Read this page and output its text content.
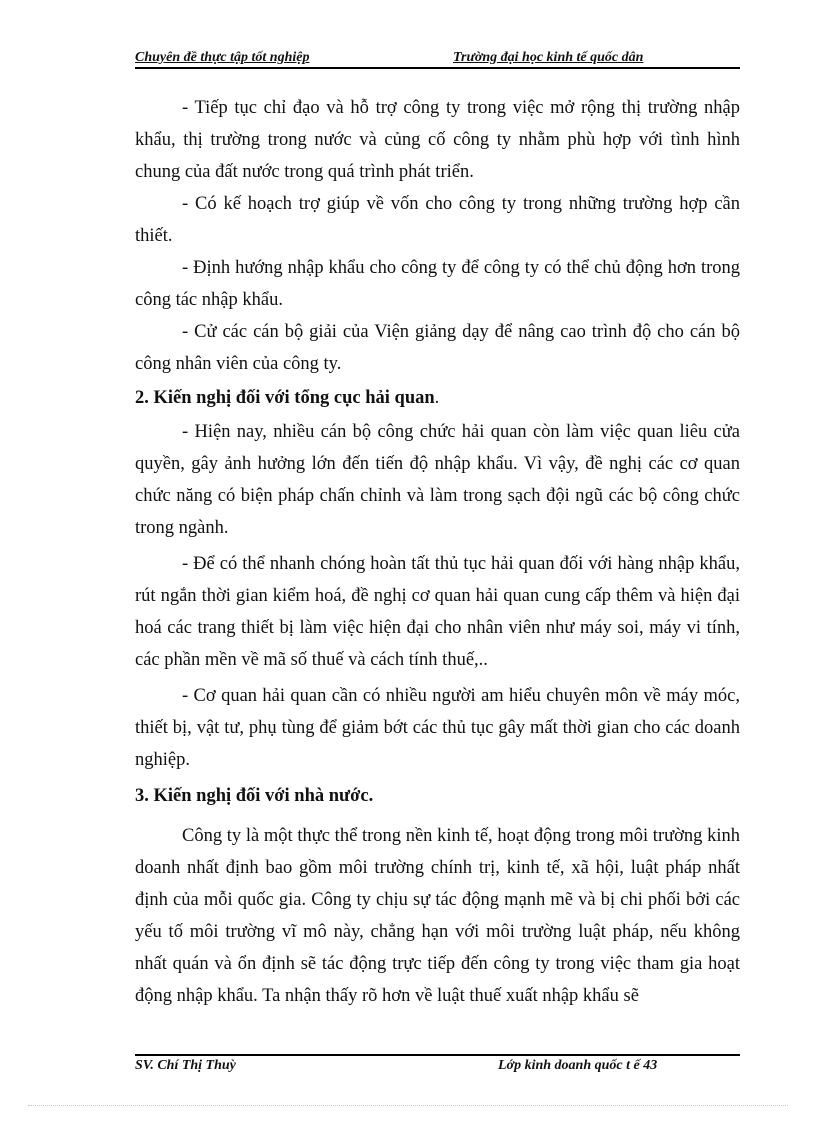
Chuyên đề thực tập tốt nghiệp	Trường đại học kinh tế quốc dân

- Tiếp tục chỉ đạo và hỗ trợ công ty trong việc mở rộng thị trường nhập khẩu, thị trường trong nước và củng cố công ty nhằm phù hợp với tình hình chung của đất nước trong quá trình phát triển.

- Có kế hoạch trợ giúp về vốn cho công ty trong những trường hợp cần thiết.

- Định hướng nhập khẩu cho công ty để công ty có thể chủ động hơn trong công tác nhập khẩu.

- Cử các cán bộ giải của Viện giảng dạy để nâng cao trình độ cho cán bộ công nhân viên của công ty.

2. Kiến nghị đối với tổng cục hải quan.

- Hiện nay, nhiều cán bộ công chức hải quan còn làm việc quan liêu cửa quyền, gây ảnh hưởng lớn đến tiến độ nhập khẩu. Vì vậy, đề nghị các cơ quan chức năng có biện pháp chấn chỉnh và làm trong sạch đội ngũ các bộ công chức trong ngành.

- Để có thể nhanh chóng hoàn tất thủ tục hải quan đối với hàng nhập khẩu, rút ngắn thời gian kiểm hoá, đề nghị cơ quan hải quan cung cấp thêm và hiện đại hoá các trang thiết bị làm việc hiện đại cho nhân viên như máy soi, máy vi tính, các phần mền về mã số thuế và cách tính thuế,..

- Cơ quan hải quan cần có nhiều người am hiểu chuyên môn về máy móc, thiết bị, vật tư, phụ tùng để giảm bớt các thủ tục gây mất thời gian cho các doanh nghiệp.

3. Kiến nghị đối với nhà nước.

Công ty là một thực thể trong nền kinh tế, hoạt động trong môi trường kinh doanh nhất định bao gồm môi trường chính trị, kinh tế, xã hội, luật pháp nhất định của mỗi quốc gia. Công ty chịu sự tác động mạnh mẽ và bị chi phối bởi các yếu tố môi trường vĩ mô này, chẳng hạn với môi trường luật pháp, nếu không nhất quán và ổn định sẽ tác động trực tiếp đến công ty trong việc tham gia hoạt động nhập khẩu. Ta nhận thấy rõ hơn về luật thuế xuất nhập khẩu sẽ

SV. Chí Thị Thuỳ	Lớp kinh doanh quốc t ế 43
